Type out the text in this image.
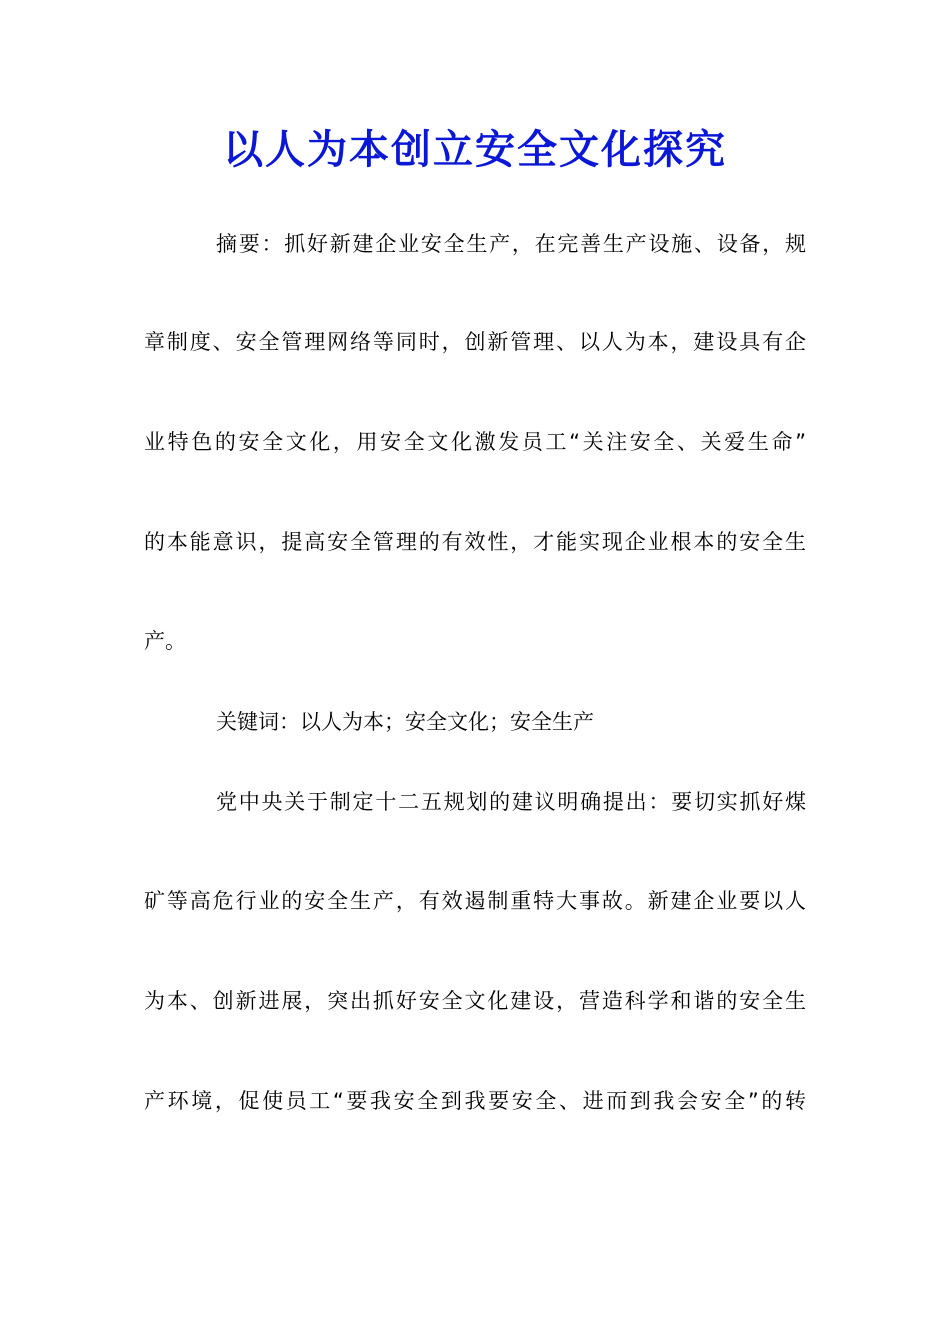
以人为本创立安全文化探究
摘要：抓好新建企业安全生产，在完善生产设施、设备，规
章制度、安全管理网络等同时，创新管理、以人为本，建设具有企
业特色的安全文化，用安全文化激发员工“关注安全、关爱生命”
的本能意识，提高安全管理的有效性，才能实现企业根本的安全生
产。
关键词：以人为本；安全文化；安全生产
党中央关于制定十二五规划的建议明确提出：要切实抓好煤
矿等高危行业的安全生产，有效遏制重特大事故。新建企业要以人
为本、创新进展，突出抓好安全文化建设，营造科学和谐的安全生
产环境，促使员工“要我安全到我要安全、进而到我会安全”的转
